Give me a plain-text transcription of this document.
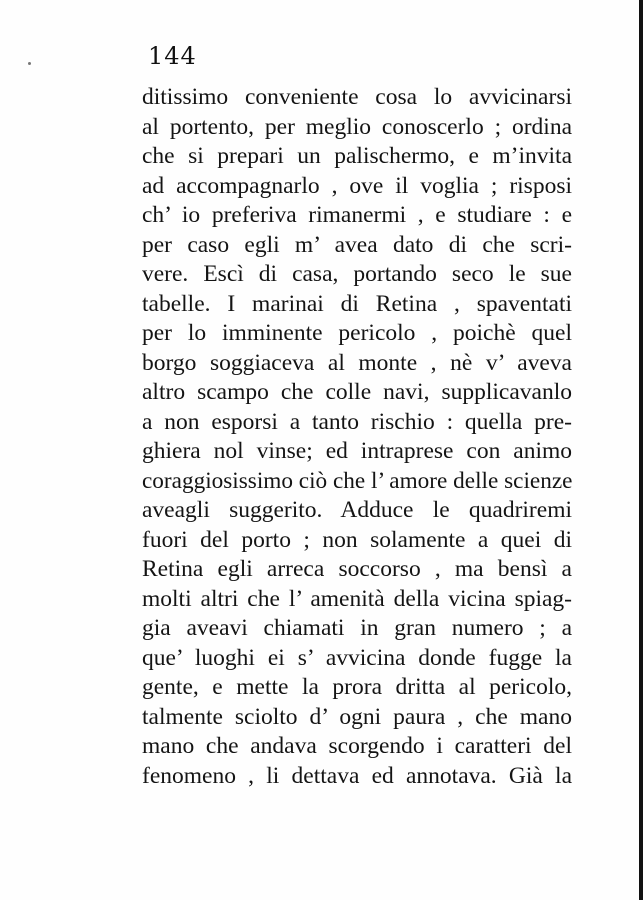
144
ditissimo conveniente cosa lo avvicinarsi
al portento, per meglio conoscerlo ; ordina
che si prepari un palischermo, e m’invita
ad accompagnarlo , ove il voglia ; risposi
ch’ io preferiva rimanermi , e studiare : e
per caso egli m’ avea dato di che scri-
vere. Escì di casa, portando seco le sue
tabelle. I marinai di Retina , spaventati
per lo imminente pericolo , poichè quel
borgo soggiaceva al monte , nè v’ aveva
altro scampo che colle navi, supplicavanlo
a non esporsi a tanto rischio : quella pre-
ghiera nol vinse; ed intraprese con animo
coraggiosissimo ciò che l’ amore delle scienze
aveagli suggerito. Adduce le quadriremi
fuori del porto ; non solamente a quei di
Retina egli arreca soccorso , ma bensì a
molti altri che l’ amenità della vicina spiag-
gia aveavi chiamati in gran numero ; a
que’ luoghi ei s’ avvicina donde fugge la
gente, e mette la prora dritta al pericolo,
talmente sciolto d’ ogni paura , che mano
mano che andava scorgendo i caratteri del
fenomeno , li dettava ed annotava. Già la
